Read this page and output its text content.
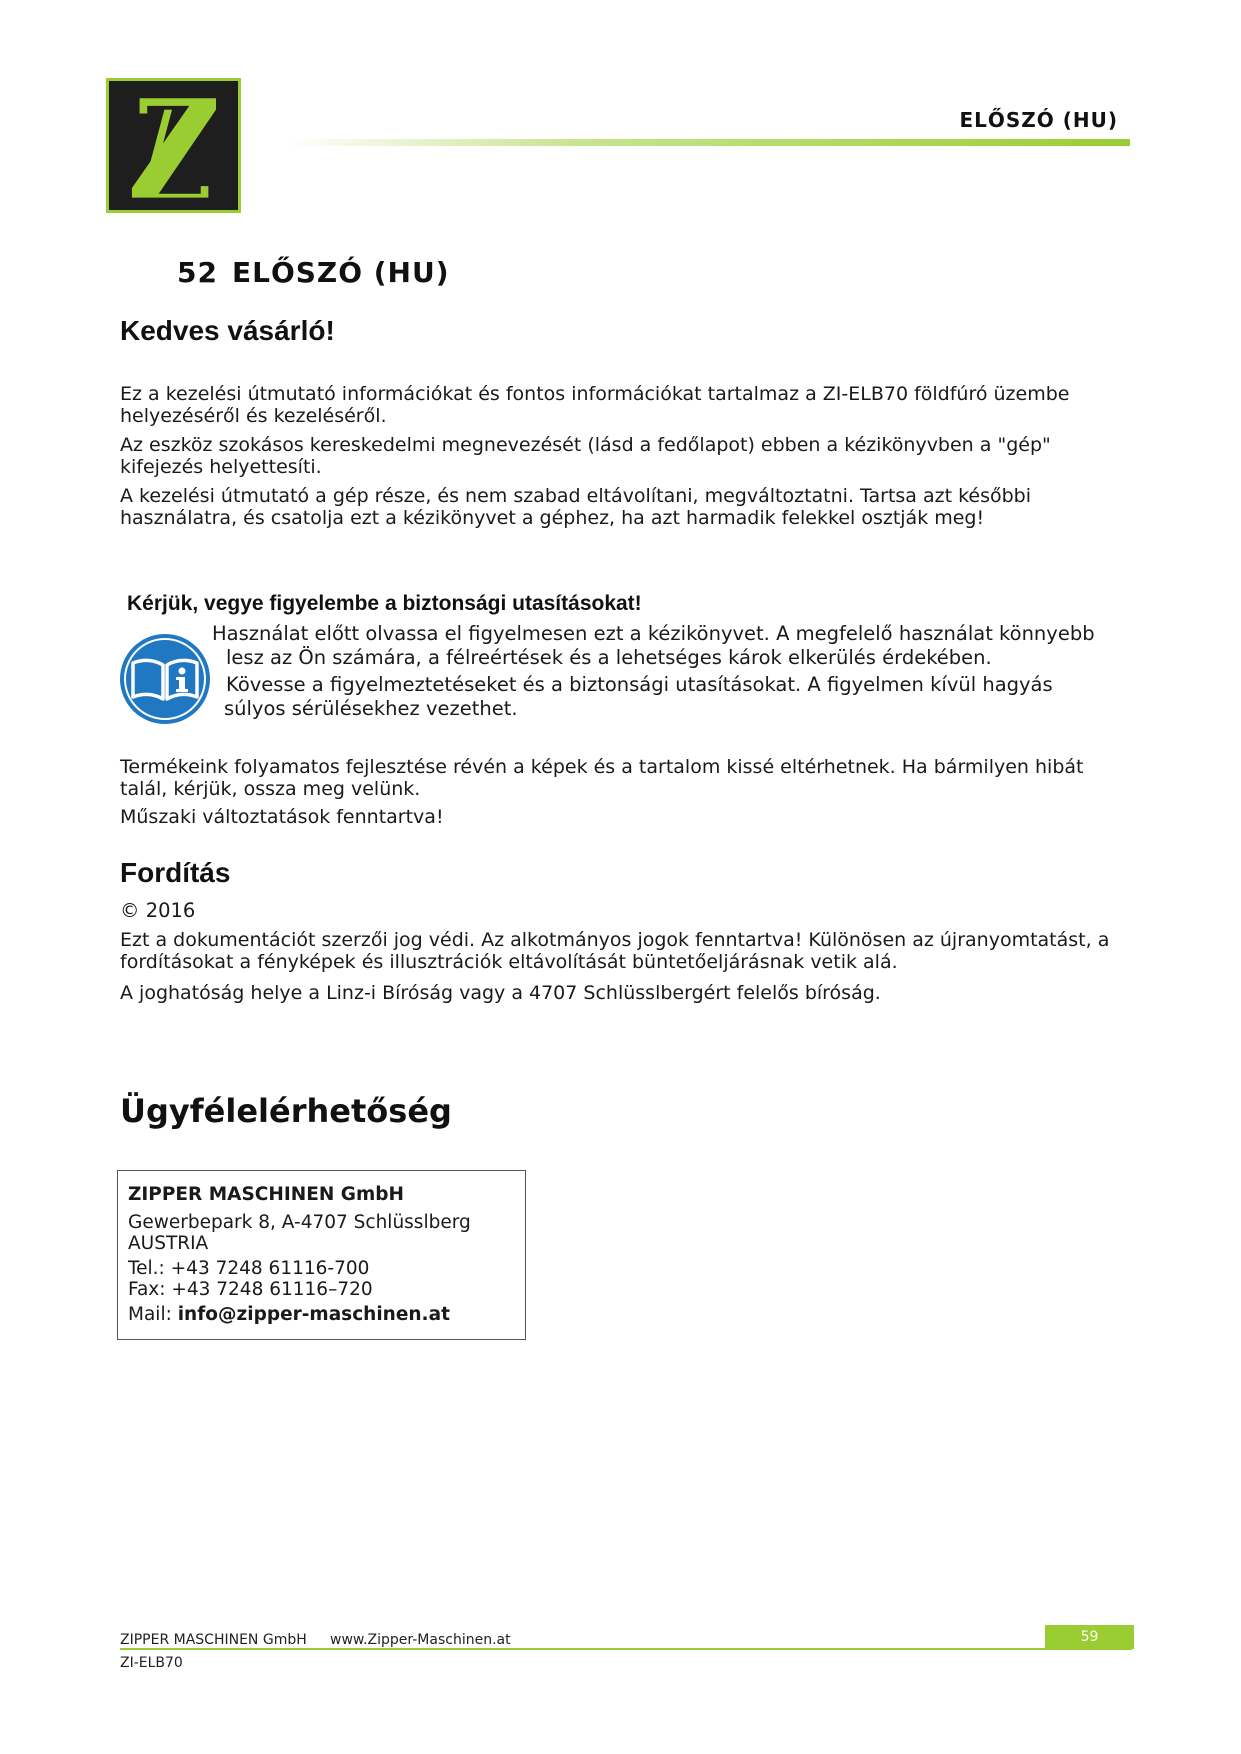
ELŐSZÓ (HU)
52 ELŐSZÓ (HU)
Kedves vásárló!

Ez a kezelési útmutató információkat és fontos információkat tartalmaz a ZI-ELB70 földfúró üzembe helyezéséről és kezeléséről.

Az eszköz szokásos kereskedelmi megnevezését (lásd a fedőlapot) ebben a kézikönyvben a "gép" kifejezés helyettesíti.

A kezelési útmutató a gép része, és nem szabad eltávolítani, megváltoztatni. Tartsa azt későbbi használatra, és csatolja ezt a kézikönyvet a géphez, ha azt harmadik felekkel osztják meg!

Kérjük, vegye figyelembe a biztonsági utasításokat!
Használat előtt olvassa el figyelmesen ezt a kézikönyvet. A megfelelő használat könnyebb
lesz az Ön számára, a félreértések és a lehetséges károk elkerülés érdekében.
Kövesse a figyelmeztetéseket és a biztonsági utasításokat. A figyelmen kívül hagyás
súlyos sérülésekhez vezethet.

Termékeink folyamatos fejlesztése révén a képek és a tartalom kissé eltérhetnek. Ha bármilyen hibát talál, kérjük, ossza meg velünk.

Műszaki változtatások fenntartva!

Fordítás
© 2016

Ezt a dokumentációt szerzői jog védi. Az alkotmányos jogok fenntartva! Különösen az újranyomtatást, a fordításokat a fényképek és illusztrációk eltávolítását büntetőeljárásnak vetik alá.

A joghatóság helye a Linz-i Bíróság vagy a 4707 Schlüsslbergért felelős bíróság.

Ügyfélelérhetőség
ZIPPER MASCHINEN GmbH
Gewerbepark 8, A-4707 Schlüsslberg
AUSTRIA
Tel.: +43 7248 61116-700
Fax: +43 7248 61116–720
Mail: info@zipper-maschinen.at
ZIPPER MASCHINEN GmbH www.Zipper-Maschinen.at	59
ZI-ELB70
